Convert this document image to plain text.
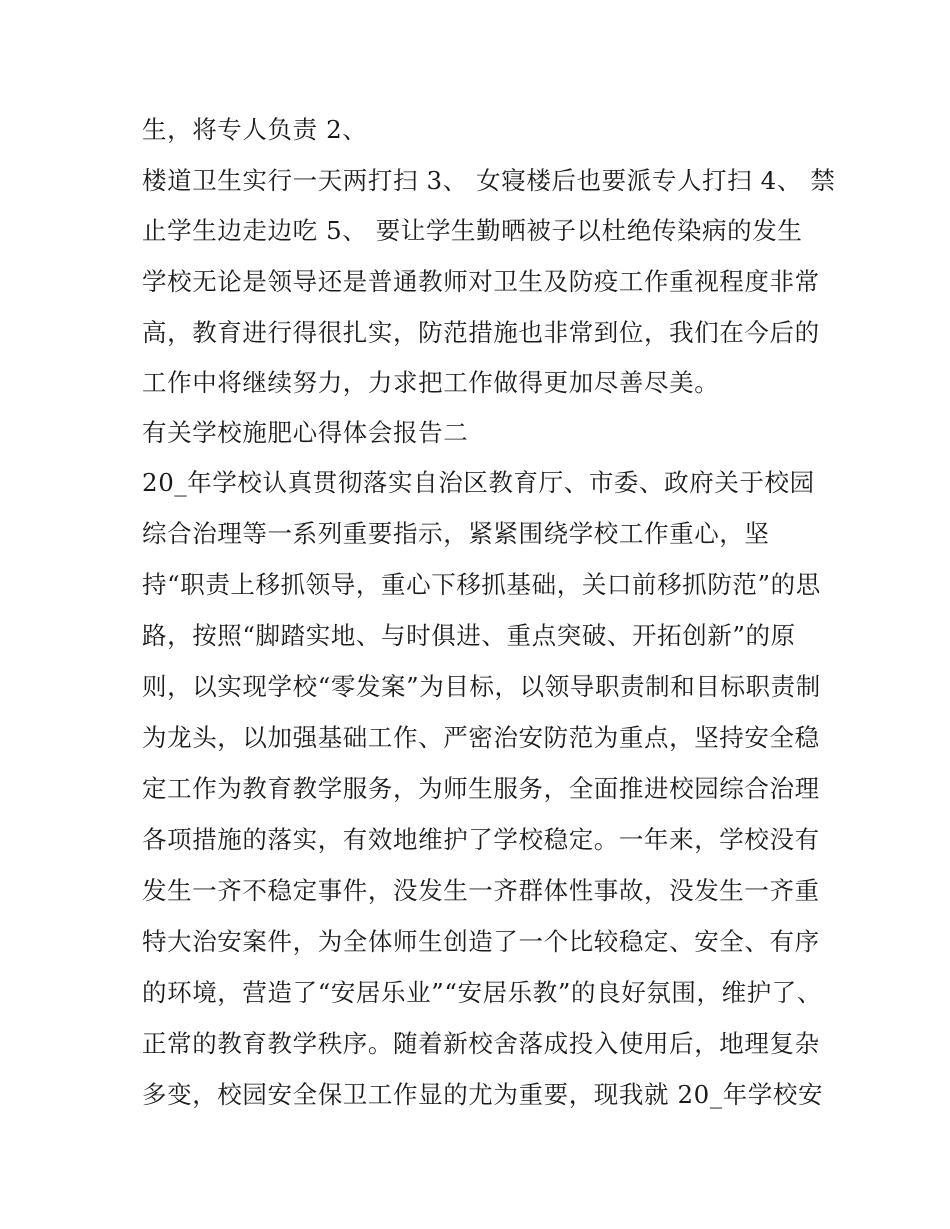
生，将专人负责 2、
楼道卫生实行一天两打扫 3、 女寝楼后也要派专人打扫 4、 禁
止学生边走边吃 5、 要让学生勤晒被子以杜绝传染病的发生
学校无论是领导还是普通教师对卫生及防疫工作重视程度非常
高，教育进行得很扎实，防范措施也非常到位，我们在今后的
工作中将继续努力，力求把工作做得更加尽善尽美。
有关学校施肥心得体会报告二
20_年学校认真贯彻落实自治区教育厅、市委、政府关于校园
综合治理等一系列重要指示，紧紧围绕学校工作重心，坚
持“职责上移抓领导，重心下移抓基础，关口前移抓防范”的思
路，按照“脚踏实地、与时俱进、重点突破、开拓创新”的原
则，以实现学校“零发案”为目标，以领导职责制和目标职责制
为龙头，以加强基础工作、严密治安防范为重点，坚持安全稳
定工作为教育教学服务，为师生服务，全面推进校园综合治理
各项措施的落实，有效地维护了学校稳定。一年来，学校没有
发生一齐不稳定事件，没发生一齐群体性事故，没发生一齐重
特大治安案件，为全体师生创造了一个比较稳定、安全、有序
的环境，营造了“安居乐业”“安居乐教”的良好氛围，维护了、
正常的教育教学秩序。随着新校舍落成投入使用后，地理复杂
多变，校园安全保卫工作显的尤为重要，现我就 20_年学校安
